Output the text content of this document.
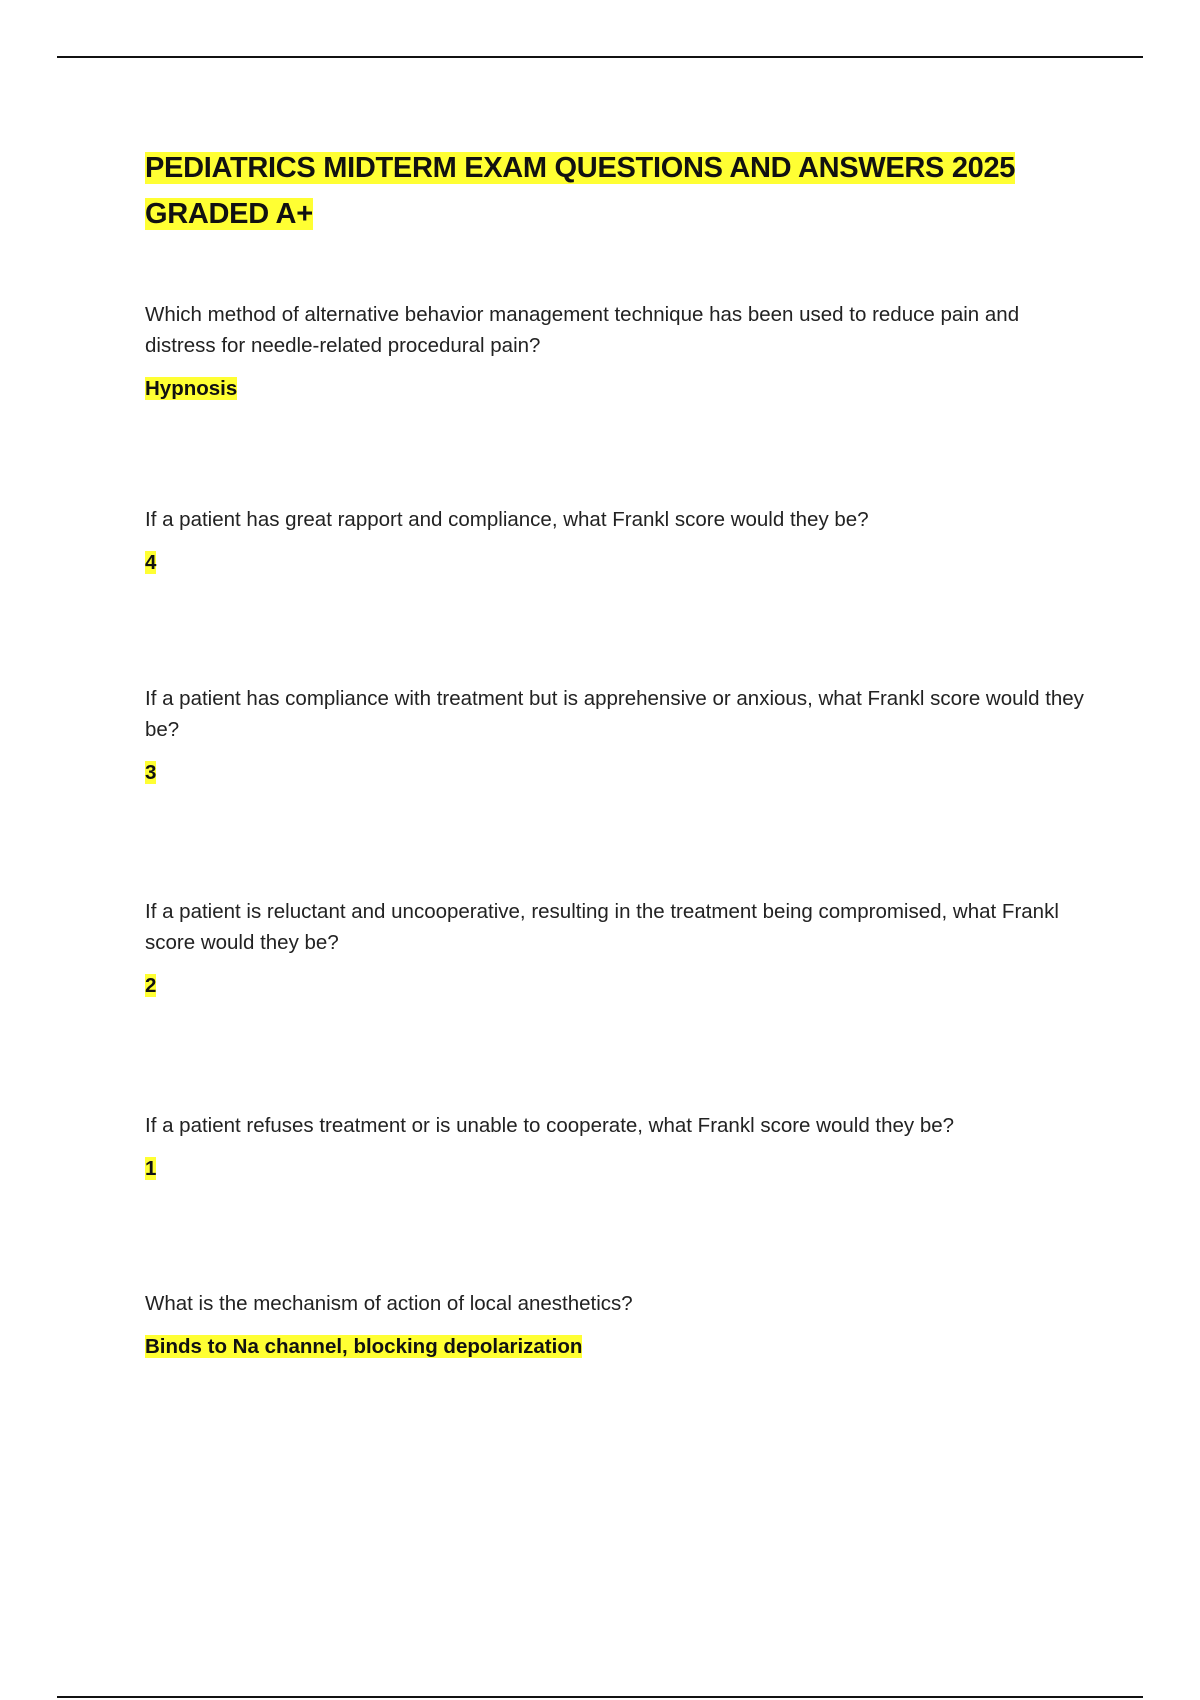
PEDIATRICS MIDTERM EXAM QUESTIONS AND ANSWERS 2025
GRADED A+

Which method of alternative behavior management technique has been used to reduce pain and distress for needle-related procedural pain?

Hypnosis

If a patient has great rapport and compliance, what Frankl score would they be?

4

If a patient has compliance with treatment but is apprehensive or anxious, what Frankl score would they be?

3

If a patient is reluctant and uncooperative, resulting in the treatment being compromised, what Frankl score would they be?

2

If a patient refuses treatment or is unable to cooperate, what Frankl score would they be?

1

What is the mechanism of action of local anesthetics?

Binds to Na channel, blocking depolarization
